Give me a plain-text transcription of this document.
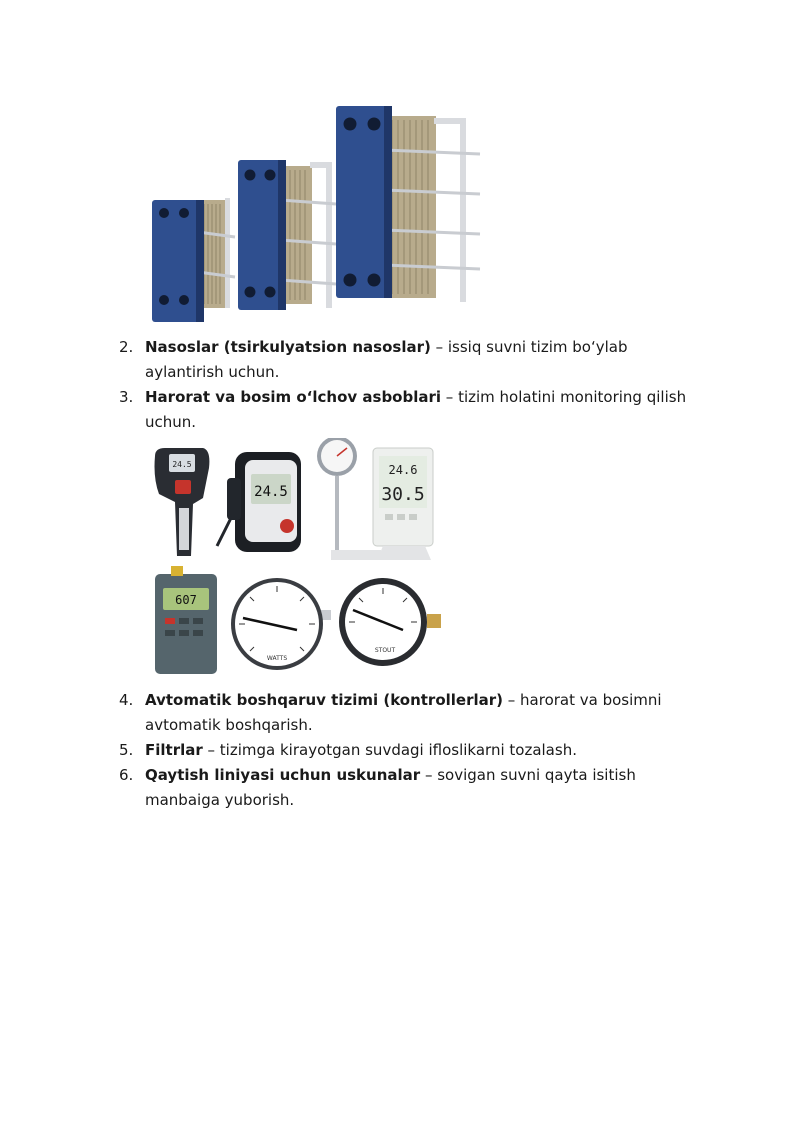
2. Nasoslar (tsirkulyatsion nasoslar) – issiq suvni tizim bo‘ylab aylantirish uchun.
3. Harorat va bosim o‘lchov asboblari – tizim holatini monitoring qilish uchun.
4. Avtomatik boshqaruv tizimi (kontrollerlar) – harorat va bosimni avtomatik boshqarish.
5. Filtrlar – tizimga kirayotgan suvdagi ifloslikarni tozalash.
6. Qaytish liniyasi uchun uskunalar – sovigan suvni qayta isitish manbaiga yuborish.
24.5
24.5
24.6
30.5
607
WATTS
STOUT
